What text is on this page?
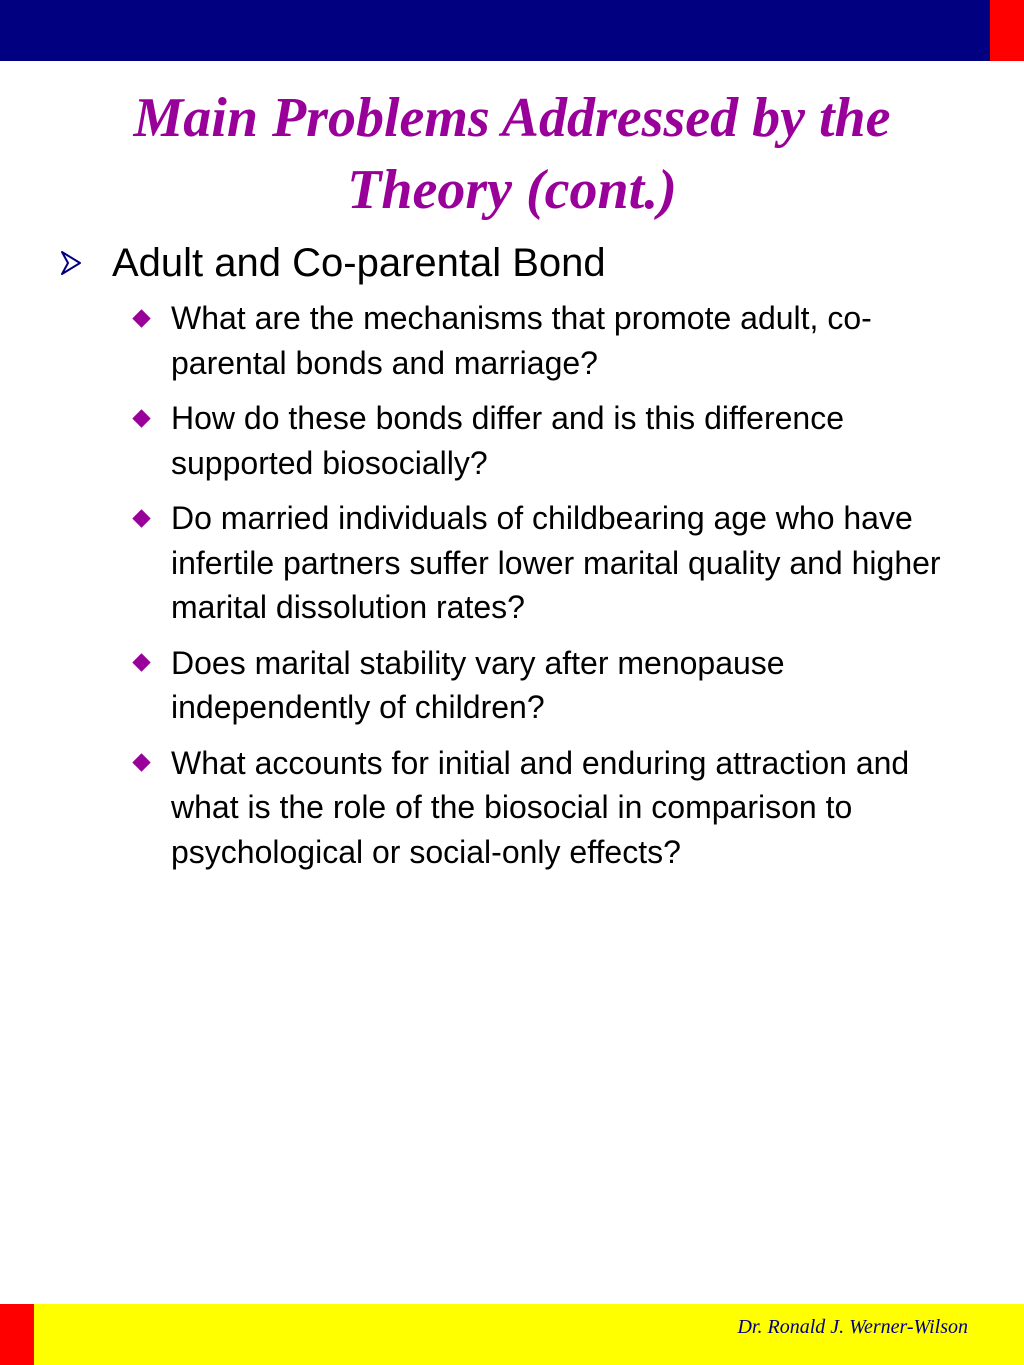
Main Problems Addressed by the Theory (cont.)
Adult and Co-parental Bond
What are the mechanisms that promote adult, co-parental bonds and marriage?
How do these bonds differ and is this difference supported biosocially?
Do married individuals of childbearing age who have infertile partners suffer lower marital quality and higher marital dissolution rates?
Does marital stability vary after menopause independently of children?
What accounts for initial and enduring attraction and what is the role of the biosocial in comparison to psychological or social-only effects?
Dr. Ronald J. Werner-Wilson
